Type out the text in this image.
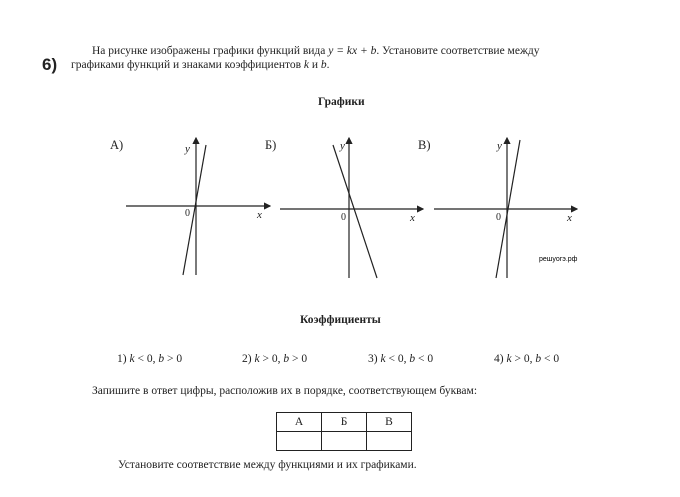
6)
На рисунке изображены графики функций вида y = kx + b. Установите соответствие между
графиками функций и знаками коэффициентов k и b.
Графики
А)	Б)	В)
y
x
0
y
x
0
y
x
0
решуогэ.рф
Коэффициенты
1) k < 0, b > 0	2) k > 0, b > 0	3) k < 0, b < 0	4) k > 0, b < 0
Запишите в ответ цифры, расположив их в порядке, соответствующем буквам:
А	Б	В

Установите соответствие между функциями и их графиками.
